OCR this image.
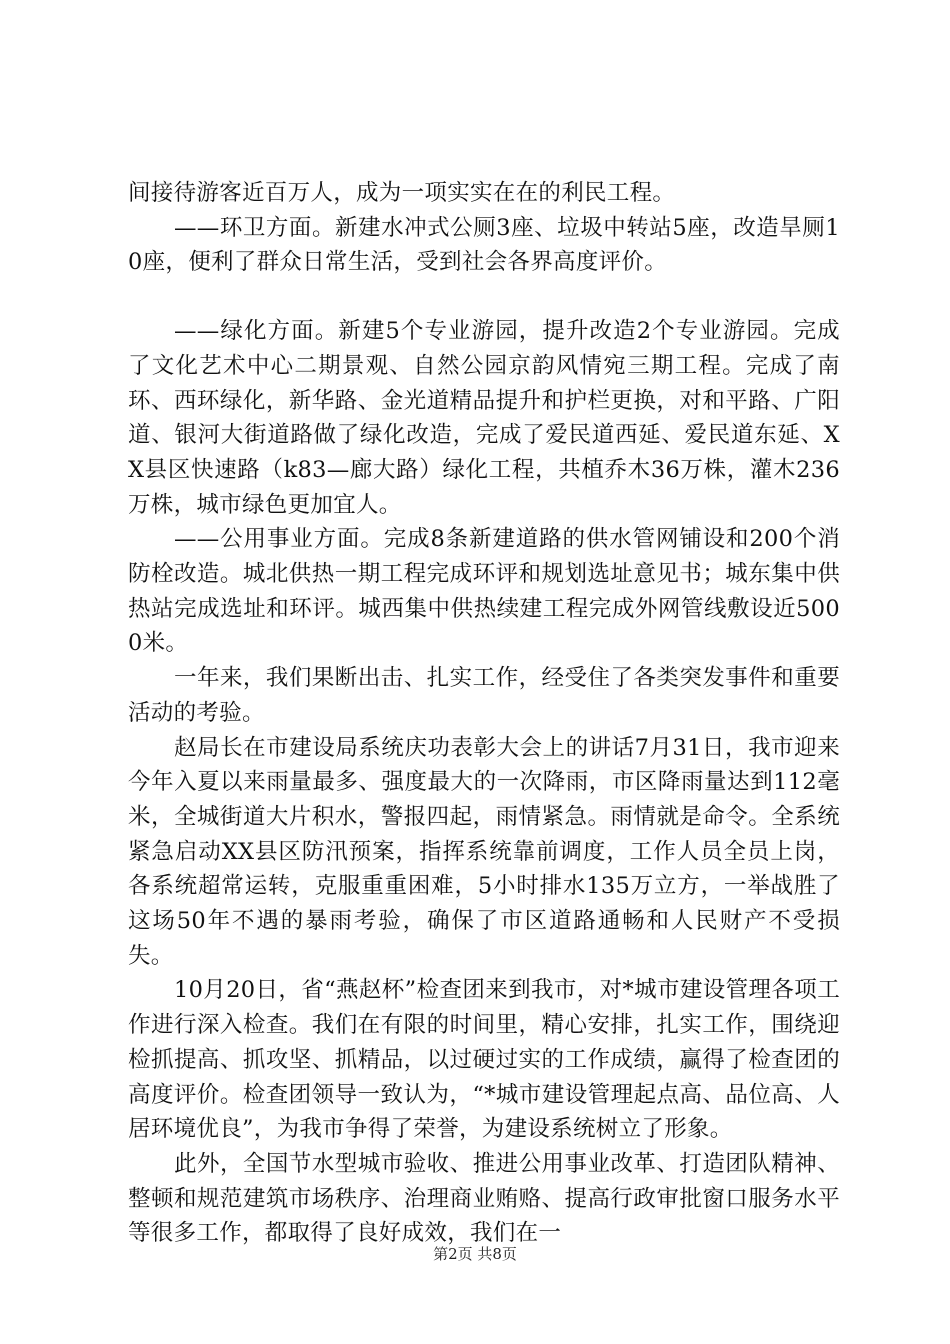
间接待游客近百万人，成为一项实实在在的利民工程。

——环卫方面。新建水冲式公厕3座、垃圾中转站5座，改造旱厕10座，便利了群众日常生活，受到社会各界高度评价。

——绿化方面。新建5个专业游园，提升改造2个专业游园。完成了文化艺术中心二期景观、自然公园京韵风情宛三期工程。完成了南环、西环绿化，新华路、金光道精品提升和护栏更换，对和平路、广阳道、银河大街道路做了绿化改造，完成了爱民道西延、爱民道东延、XX县区快速路（k83—廊大路）绿化工程，共植乔木36万株，灌木236万株，城市绿色更加宜人。

——公用事业方面。完成8条新建道路的供水管网铺设和200个消防栓改造。城北供热一期工程完成环评和规划选址意见书；城东集中供热站完成选址和环评。城西集中供热续建工程完成外网管线敷设近5000米。

一年来，我们果断出击、扎实工作，经受住了各类突发事件和重要活动的考验。

赵局长在市建设局系统庆功表彰大会上的讲话7月31日，我市迎来今年入夏以来雨量最多、强度最大的一次降雨，市区降雨量达到112毫米，全城街道大片积水，警报四起，雨情紧急。雨情就是命令。全系统紧急启动XX县区防汛预案，指挥系统靠前调度，工作人员全员上岗，各系统超常运转，克服重重困难，5小时排水135万立方，一举战胜了这场50年不遇的暴雨考验，确保了市区道路通畅和人民财产不受损失。

10月20日，省“燕赵杯”检查团来到我市，对*城市建设管理各项工作进行深入检查。我们在有限的时间里，精心安排，扎实工作，围绕迎检抓提高、抓攻坚、抓精品，以过硬过实的工作成绩，赢得了检查团的高度评价。检查团领导一致认为，“*城市建设管理起点高、品位高、人居环境优良”，为我市争得了荣誉，为建设系统树立了形象。

此外，全国节水型城市验收、推进公用事业改革、打造团队精神、整顿和规范建筑市场秩序、治理商业贿赂、提高行政审批窗口服务水平等很多工作，都取得了良好成效，我们在一

第2页 共8页
